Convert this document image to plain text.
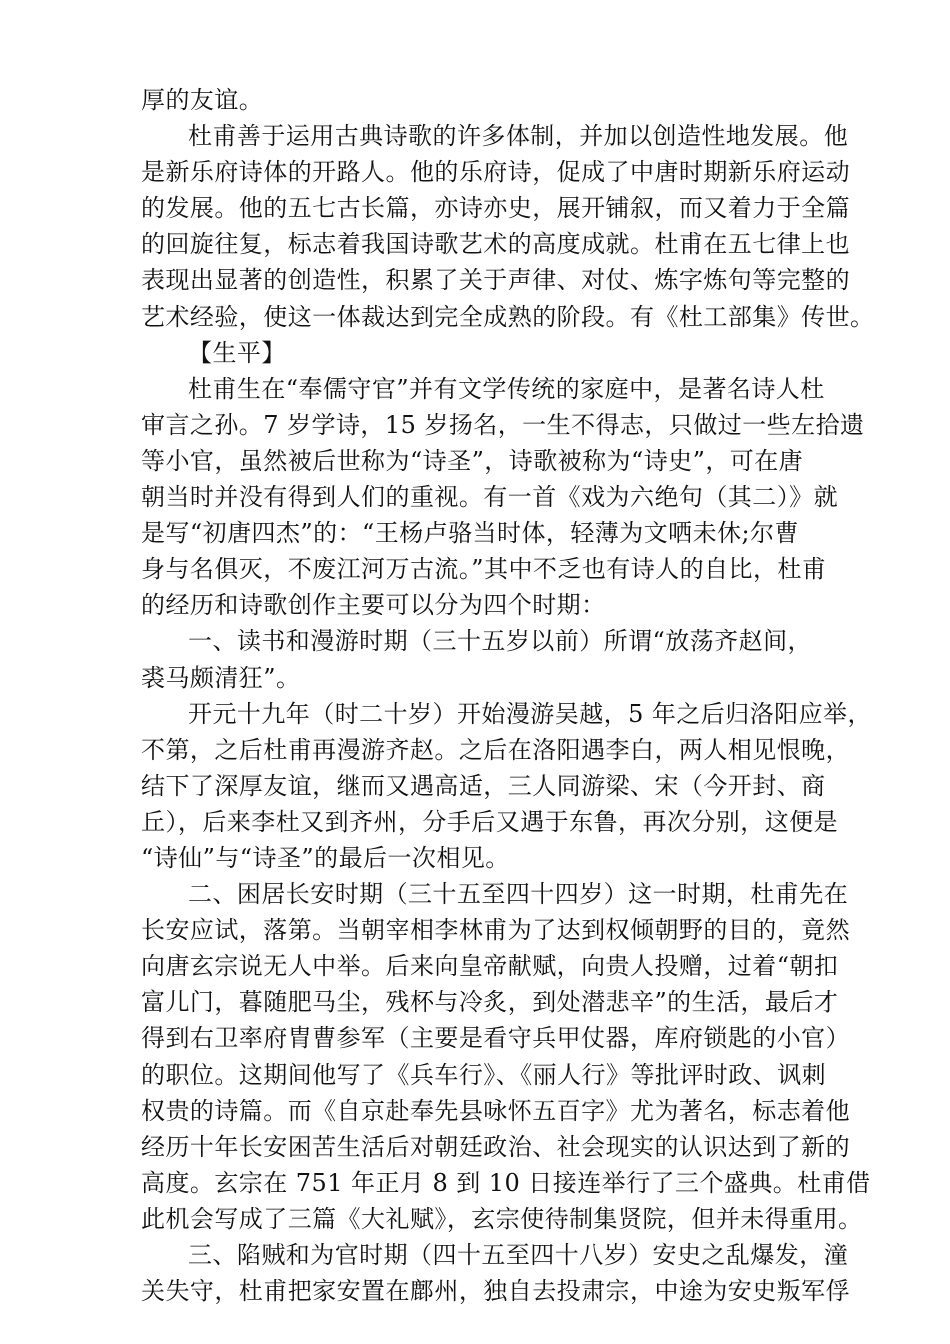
厚的友谊。
杜甫善于运用古典诗歌的许多体制，并加以创造性地发展。他
是新乐府诗体的开路人。他的乐府诗，促成了中唐时期新乐府运动
的发展。他的五七古长篇，亦诗亦史，展开铺叙，而又着力于全篇
的回旋往复，标志着我国诗歌艺术的高度成就。杜甫在五七律上也
表现出显著的创造性，积累了关于声律、对仗、炼字炼句等完整的
艺术经验，使这一体裁达到完全成熟的阶段。有《杜工部集》传世。
【生平】
杜甫生在“奉儒守官”并有文学传统的家庭中，是著名诗人杜
审言之孙。7 岁学诗，15 岁扬名，一生不得志，只做过一些左拾遗
等小官，虽然被后世称为“诗圣”，诗歌被称为“诗史”，可在唐
朝当时并没有得到人们的重视。有一首《戏为六绝句（其二）》就
是写“初唐四杰”的：“王杨卢骆当时体，轻薄为文哂未休;尔曹
身与名俱灭，不废江河万古流。”其中不乏也有诗人的自比，杜甫
的经历和诗歌创作主要可以分为四个时期：
一、读书和漫游时期（三十五岁以前）所谓“放荡齐赵间，
裘马颇清狂”。
开元十九年（时二十岁）开始漫游吴越，5 年之后归洛阳应举，
不第，之后杜甫再漫游齐赵。之后在洛阳遇李白，两人相见恨晚，
结下了深厚友谊，继而又遇高适，三人同游梁、宋（今开封、商
丘），后来李杜又到齐州，分手后又遇于东鲁，再次分别，这便是
“诗仙”与“诗圣”的最后一次相见。
二、困居长安时期（三十五至四十四岁）这一时期，杜甫先在
长安应试，落第。当朝宰相李林甫为了达到权倾朝野的目的，竟然
向唐玄宗说无人中举。后来向皇帝献赋，向贵人投赠，过着“朝扣
富儿门，暮随肥马尘，残杯与冷炙，到处潜悲辛”的生活，最后才
得到右卫率府胄曹参军（主要是看守兵甲仗器，库府锁匙的小官）
的职位。这期间他写了《兵车行》、《丽人行》等批评时政、讽刺
权贵的诗篇。而《自京赴奉先县咏怀五百字》尤为著名，标志着他
经历十年长安困苦生活后对朝廷政治、社会现实的认识达到了新的
高度。玄宗在 751 年正月 8 到 10 日接连举行了三个盛典。杜甫借
此机会写成了三篇《大礼赋》，玄宗使待制集贤院，但并未得重用。
三、陷贼和为官时期（四十五至四十八岁）安史之乱爆发，潼
关失守，杜甫把家安置在鄜州，独自去投肃宗，中途为安史叛军俘
